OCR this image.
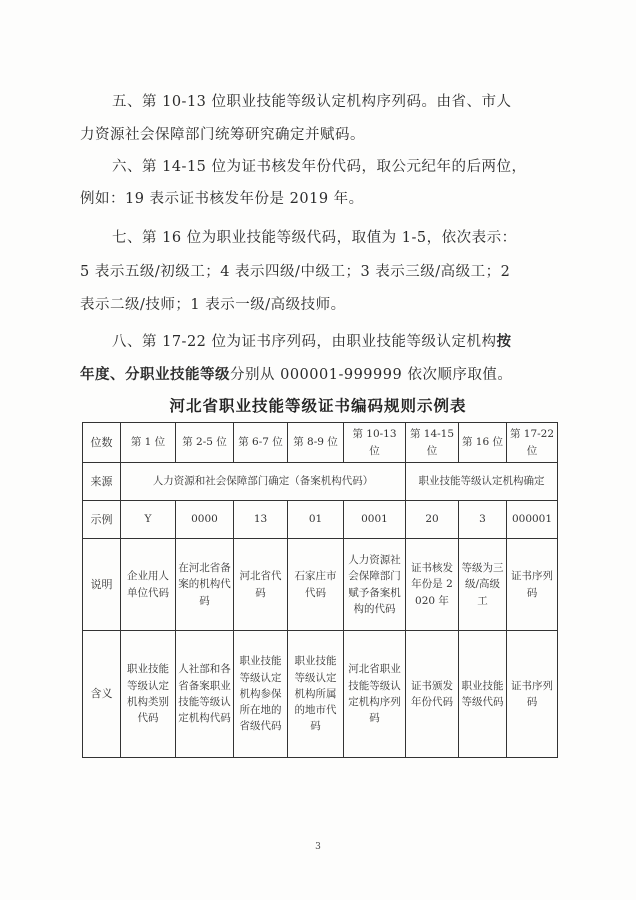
五、第 10-13 位职业技能等级认定机构序列码。由省、市人
力资源社会保障部门统筹研究确定并赋码。
六、第 14-15 位为证书核发年份代码，取公元纪年的后两位，
例如：19 表示证书核发年份是 2019 年。
七、第 16 位为职业技能等级代码，取值为 1-5，依次表示：
5 表示五级/初级工；4 表示四级/中级工；3 表示三级/高级工；2
表示二级/技师；1 表示一级/高级技师。
八、第 17-22 位为证书序列码，由职业技能等级认定机构按
年度、分职业技能等级分别从 000001-999999 依次顺序取值。
河北省职业技能等级证书编码规则示例表
位数	第 1 位	第 2-5 位	第 6-7 位	第 8-9 位	第 10-13 位	第 14-15 位	第 16 位	第 17-22 位
来源	人力资源和社会保障部门确定（备案机构代码）					职业技能等级认定机构确定		
示例	Y	0000	13	01	0001	20	3	000001
说明	企业用人单位代码	在河北省备案的机构代码	河北省代码	石家庄市代码	人力资源社会保障部门赋予备案机构的代码	证书核发年份是 2020 年	等级为三级/高级工	证书序列码
含义	职业技能等级认定机构类别代码	人社部和各省备案职业技能等级认定机构代码	职业技能等级认定机构参保所在地的省级代码	职业技能等级认定机构所属的地市代码	河北省职业技能等级认定机构序列码	证书颁发年份代码	职业技能等级代码	证书序列码
3
